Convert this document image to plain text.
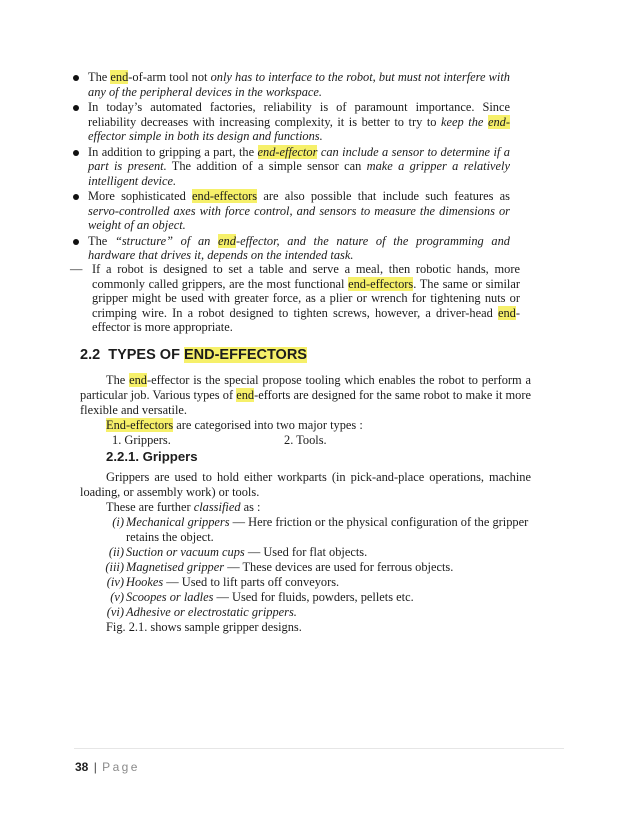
The end-of-arm tool not only has to interface to the robot, but must not interfere with any of the peripheral devices in the workspace.
In today’s automated factories, reliability is of paramount importance. Since reliability decreases with increasing complexity, it is better to try to keep the end-effector simple in both its design and functions.
In addition to gripping a part, the end-effector can include a sensor to determine if a part is present. The addition of a simple sensor can make a gripper a relatively intelligent device.
More sophisticated end-effectors are also possible that include such features as servo-controlled axes with force control, and sensors to measure the dimensions or weight of an object.
The “structure” of an end-effector, and the nature of the programming and hardware that drives it, depends on the intended task.
— If a robot is designed to set a table and serve a meal, then robotic hands, more commonly called grippers, are the most functional end-effectors. The same or similar gripper might be used with greater force, as a plier or wrench for tightening nuts or crimping wire. In a robot designed to tighten screws, however, a driver-head end-effector is more appropriate.
2.2 TYPES OF END-EFFECTORS

The end-effector is the special propose tooling which enables the robot to perform a particular job. Various types of end-efforts are designed for the same robot to make it more flexible and versatile.

End-effectors are categorised into two major types :

1. Grippers.	2. Tools.
2.2.1. Grippers

Grippers are used to hold either workparts (in pick-and-place operations, machine loading, or assembly work) or tools.

These are further classified as :

(i) Mechanical grippers — Here friction or the physical configuration of the gripper retains the object.
(ii) Suction or vacuum cups — Used for flat objects.
(iii) Magnetised gripper — These devices are used for ferrous objects.
(iv) Hookes — Used to lift parts off conveyors.
(v) Scoopes or ladles — Used for fluids, powders, pellets etc.
(vi) Adhesive or electrostatic grippers.

Fig. 2.1. shows sample gripper designs.

38 | Page
